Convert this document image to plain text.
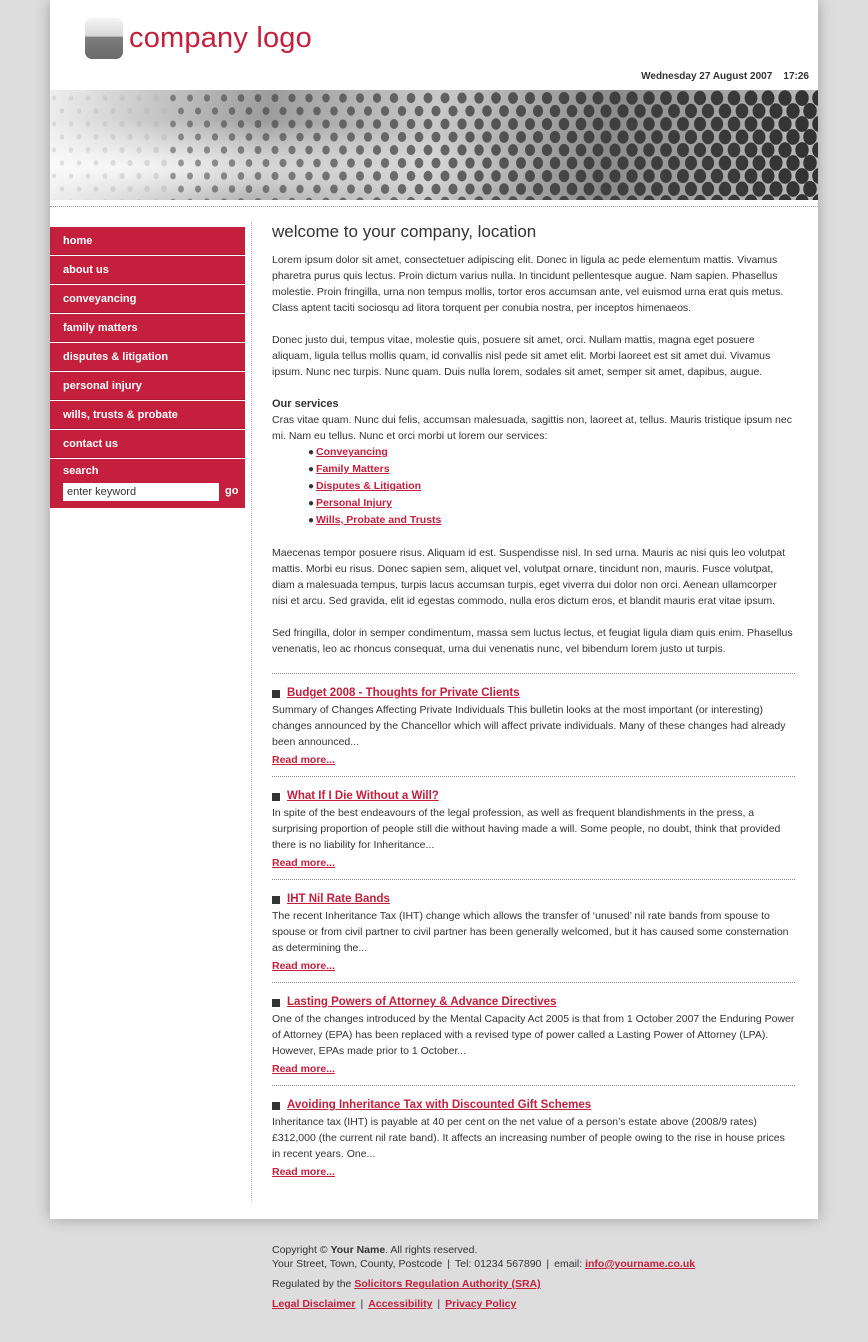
company logo
Wednesday 27 August 2007 17:26
home
about us
conveyancing
family matters
disputes & litigation
personal injury
wills, trusts & probate
contact us
search
enter keyword
go
welcome to your company, location

Lorem ipsum dolor sit amet, consectetuer adipiscing elit. Donec in ligula ac pede elementum mattis. Vivamus pharetra purus quis lectus. Proin dictum varius nulla. In tincidunt pellentesque augue. Nam sapien. Phasellus molestie. Proin fringilla, urna non tempus mollis, tortor eros accumsan ante, vel euismod urna erat quis metus. Class aptent taciti sociosqu ad litora torquent per conubia nostra, per inceptos himenaeos.

Donec justo dui, tempus vitae, molestie quis, posuere sit amet, orci. Nullam mattis, magna eget posuere aliquam, ligula tellus mollis quam, id convallis nisl pede sit amet elit. Morbi laoreet est sit amet dui. Vivamus ipsum. Nunc nec turpis. Nunc quam. Duis nulla lorem, sodales sit amet, semper sit amet, dapibus, augue.

Our services

Cras vitae quam. Nunc dui felis, accumsan malesuada, sagittis non, laoreet at, tellus. Mauris tristique ipsum nec mi. Nam eu tellus. Nunc et orci morbi ut lorem our services:

● Conveyancing
● Family Matters
● Disputes & Litigation
● Personal Injury
● Wills, Probate and Trusts

Maecenas tempor posuere risus. Aliquam id est. Suspendisse nisl. In sed urna. Mauris ac nisi quis leo volutpat mattis. Morbi eu risus. Donec sapien sem, aliquet vel, volutpat ornare, tincidunt non, mauris. Fusce volutpat, diam a malesuada tempus, turpis lacus accumsan turpis, eget viverra dui dolor non orci. Aenean ullamcorper nisi et arcu. Sed gravida, elit id egestas commodo, nulla eros dictum eros, et blandit mauris erat vitae ipsum.

Sed fringilla, dolor in semper condimentum, massa sem luctus lectus, et feugiat ligula diam quis enim. Phasellus venenatis, leo ac rhoncus consequat, urna dui venenatis nunc, vel bibendum lorem justo ut turpis.

Budget 2008 - Thoughts for Private Clients

Summary of Changes Affecting Private Individuals This bulletin looks at the most important (or interesting) changes announced by the Chancellor which will affect private individuals. Many of these changes had already been announced...

Read more...
What If I Die Without a Will?

In spite of the best endeavours of the legal profession, as well as frequent blandishments in the press, a surprising proportion of people still die without having made a will. Some people, no doubt, think that provided there is no liability for Inheritance...

Read more...
IHT Nil Rate Bands

The recent Inheritance Tax (IHT) change which allows the transfer of ‘unused’ nil rate bands from spouse to spouse or from civil partner to civil partner has been generally welcomed, but it has caused some consternation as determining the...

Read more...
Lasting Powers of Attorney & Advance Directives

One of the changes introduced by the Mental Capacity Act 2005 is that from 1 October 2007 the Enduring Power of Attorney (EPA) has been replaced with a revised type of power called a Lasting Power of Attorney (LPA). However, EPAs made prior to 1 October...

Read more...
Avoiding Inheritance Tax with Discounted Gift Schemes

Inheritance tax (IHT) is payable at 40 per cent on the net value of a person’s estate above (2008/9 rates) £312,000 (the current nil rate band). It affects an increasing number of people owing to the rise in house prices in recent years. One...

Read more...
Copyright © Your Name. All rights reserved.
Your Street, Town, County, Postcode | Tel: 01234 567890 | email: info@yourname.co.uk
Regulated by the Solicitors Regulation Authority (SRA)
Legal Disclaimer | Accessibility | Privacy Policy
